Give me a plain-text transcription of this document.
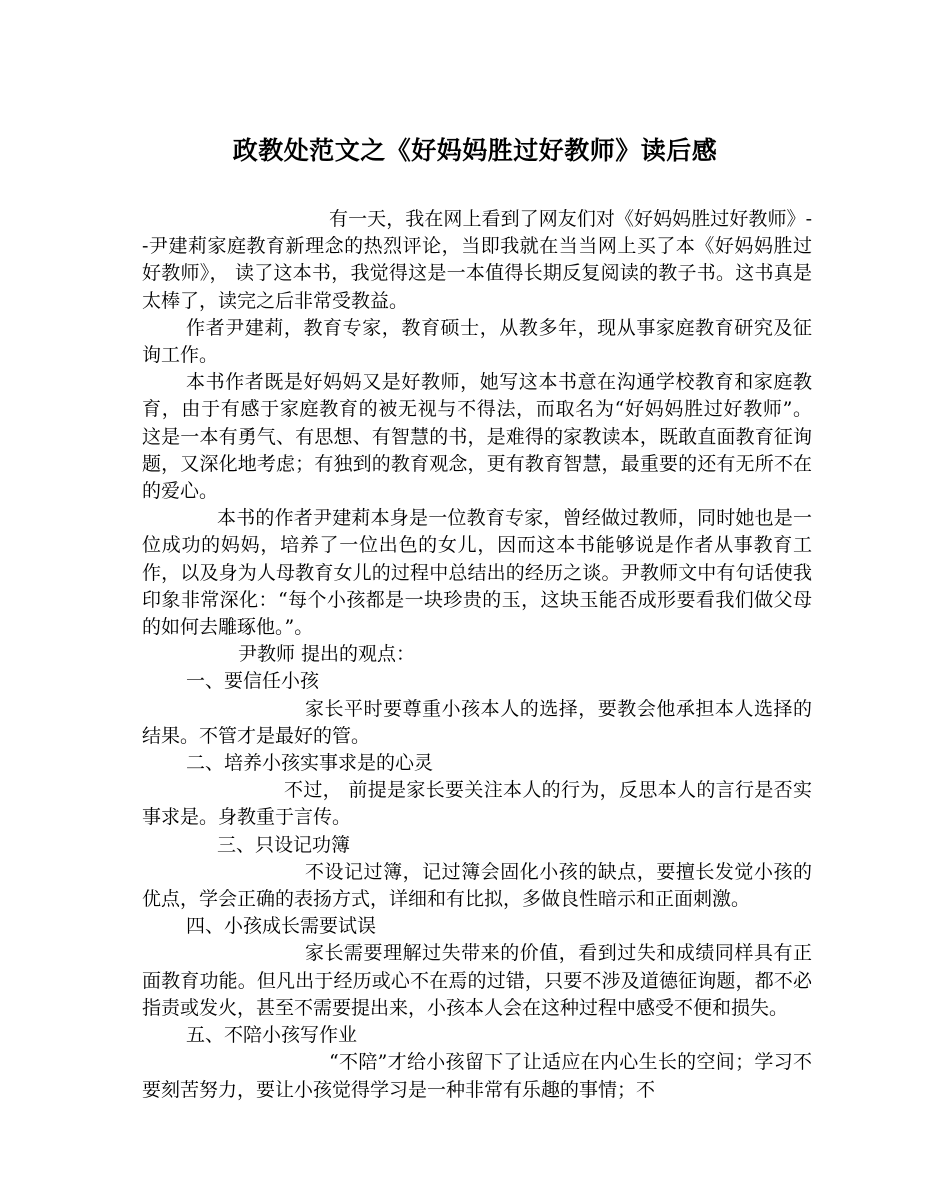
政教处范文之《好妈妈胜过好教师》读后感

有一天，我在网上看到了网友们对《好妈妈胜过好教师》--尹建莉家庭教育新理念的热烈评论，当即我就在当当网上买了本《好妈妈胜过好教师》， 读了这本书，我觉得这是一本值得长期反复阅读的教子书。这书真是太棒了，读完之后非常受教益。

作者尹建莉，教育专家，教育硕士，从教多年，现从事家庭教育研究及征询工作。

本书作者既是好妈妈又是好教师，她写这本书意在沟通学校教育和家庭教育，由于有感于家庭教育的被无视与不得法，而取名为“好妈妈胜过好教师”。 这是一本有勇气、有思想、有智慧的书，是难得的家教读本，既敢直面教育征询题，又深化地考虑；有独到的教育观念，更有教育智慧，最重要的还有无所不在的爱心。

本书的作者尹建莉本身是一位教育专家，曾经做过教师，同时她也是一位成功的妈妈，培养了一位出色的女儿，因而这本书能够说是作者从事教育工作，以及身为人母教育女儿的过程中总结出的经历之谈。尹教师文中有句话使我印象非常深化：“每个小孩都是一块珍贵的玉，这块玉能否成形要看我们做父母的如何去雕琢他。”。

尹教师 提出的观点：

一、要信任小孩

家长平时要尊重小孩本人的选择，要教会他承担本人选择的结果。不管才是最好的管。

二、培养小孩实事求是的心灵

不过， 前提是家长要关注本人的行为，反思本人的言行是否实事求是。身教重于言传。

三、只设记功簿

不设记过簿，记过簿会固化小孩的缺点，要擅长发觉小孩的优点，学会正确的表扬方式，详细和有比拟，多做良性暗示和正面刺激。

四、小孩成长需要试误

家长需要理解过失带来的价值，看到过失和成绩同样具有正面教育功能。但凡出于经历或心不在焉的过错，只要不涉及道德征询题，都不必指责或发火，甚至不需要提出来，小孩本人会在这种过程中感受不便和损失。

五、不陪小孩写作业

“不陪”才给小孩留下了让适应在内心生长的空间；学习不要刻苦努力，要让小孩觉得学习是一种非常有乐趣的事情；不
